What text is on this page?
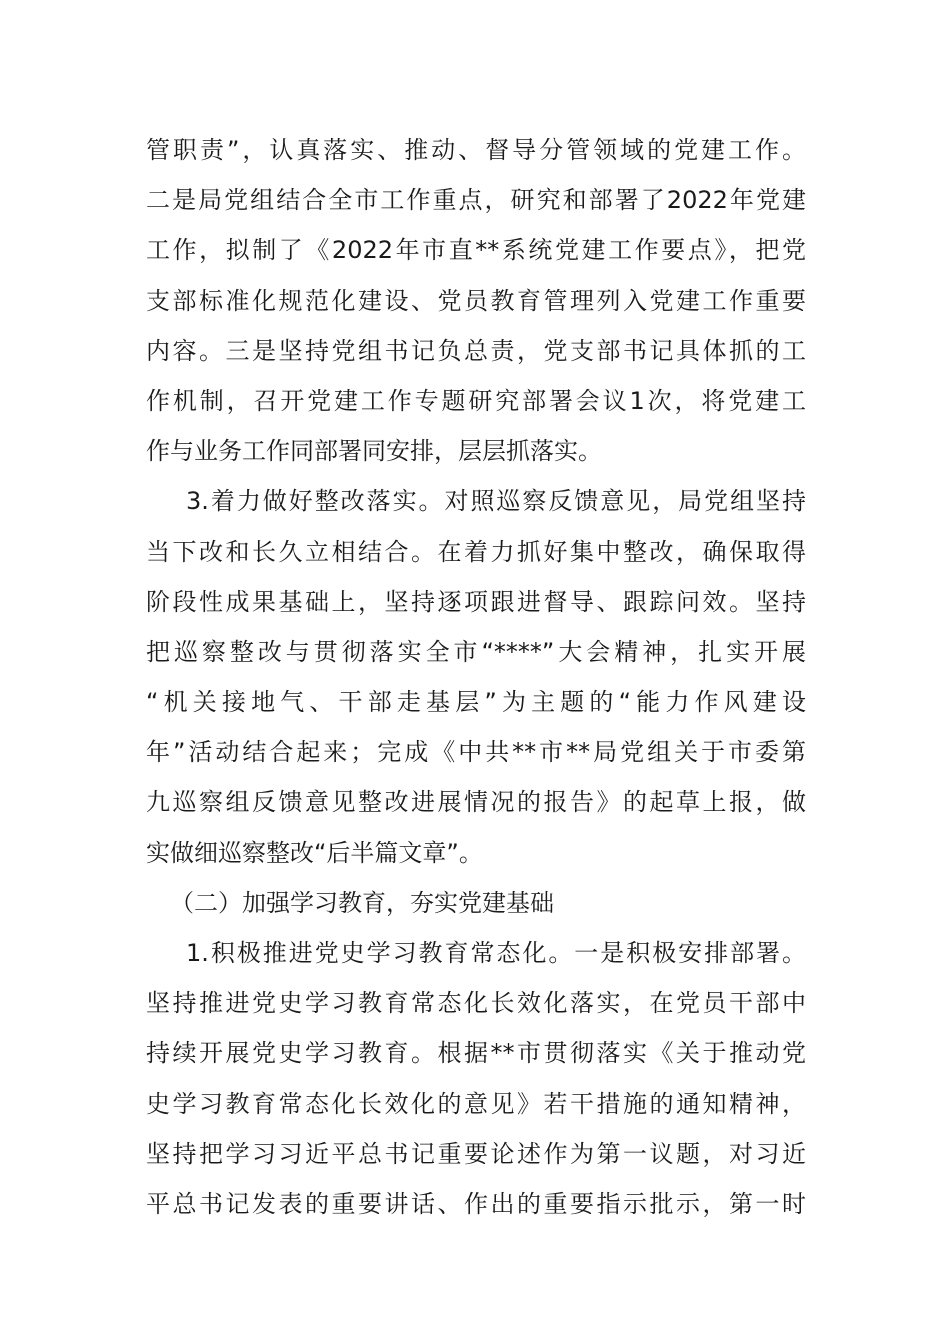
管职责”，认真落实、推动、督导分管领域的党建工作。
二是局党组结合全市工作重点，研究和部署了2022年党建
工作，拟制了《2022年市直**系统党建工作要点》，把党
支部标准化规范化建设、党员教育管理列入党建工作重要
内容。三是坚持党组书记负总责，党支部书记具体抓的工
作机制，召开党建工作专题研究部署会议1次，将党建工
作与业务工作同部署同安排，层层抓落实。
3.着力做好整改落实。对照巡察反馈意见，局党组坚持
当下改和长久立相结合。在着力抓好集中整改，确保取得
阶段性成果基础上，坚持逐项跟进督导、跟踪问效。坚持
把巡察整改与贯彻落实全市“****”大会精神，扎实开展
“机关接地气、干部走基层”为主题的“能力作风建设
年”活动结合起来；完成《中共**市**局党组关于市委第
九巡察组反馈意见整改进展情况的报告》的起草上报，做
实做细巡察整改“后半篇文章”。
（二）加强学习教育，夯实党建基础
1.积极推进党史学习教育常态化。一是积极安排部署。
坚持推进党史学习教育常态化长效化落实，在党员干部中
持续开展党史学习教育。根据**市贯彻落实《关于推动党
史学习教育常态化长效化的意见》若干措施的通知精神，
坚持把学习习近平总书记重要论述作为第一议题，对习近
平总书记发表的重要讲话、作出的重要指示批示，第一时
